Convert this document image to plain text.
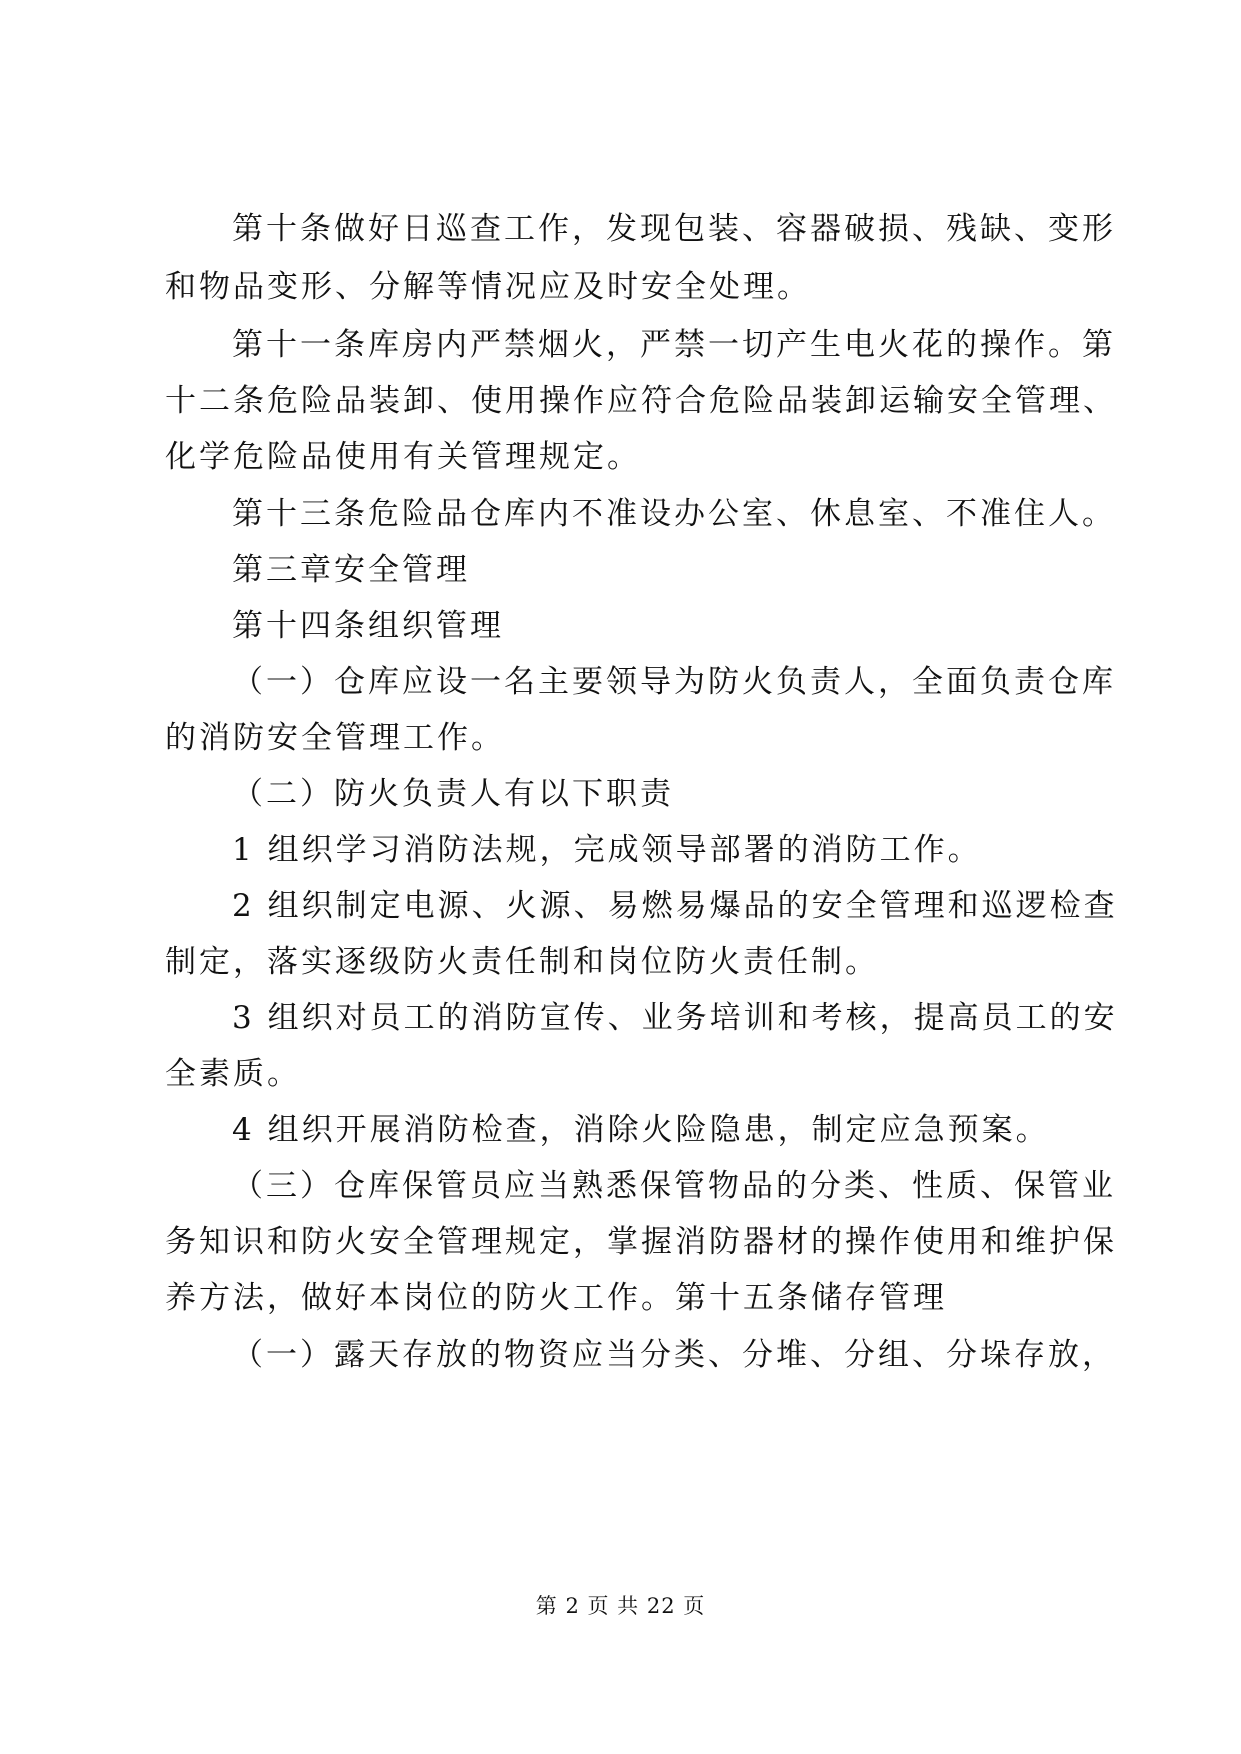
第十条做好日巡查工作，发现包装、容器破损、残缺、变形
和物品变形、分解等情况应及时安全处理。
第十一条库房内严禁烟火，严禁一切产生电火花的操作。第
十二条危险品装卸、使用操作应符合危险品装卸运输安全管理、
化学危险品使用有关管理规定。
第十三条危险品仓库内不准设办公室、休息室、不准住人。
第三章安全管理
第十四条组织管理
（一）仓库应设一名主要领导为防火负责人，全面负责仓库
的消防安全管理工作。
（二）防火负责人有以下职责
1 组织学习消防法规，完成领导部署的消防工作。
2 组织制定电源、火源、易燃易爆品的安全管理和巡逻检查
制定，落实逐级防火责任制和岗位防火责任制。
3 组织对员工的消防宣传、业务培训和考核，提高员工的安
全素质。
4 组织开展消防检查，消除火险隐患，制定应急预案。
（三）仓库保管员应当熟悉保管物品的分类、性质、保管业
务知识和防火安全管理规定，掌握消防器材的操作使用和维护保
养方法，做好本岗位的防火工作。第十五条储存管理
（一）露天存放的物资应当分类、分堆、分组、分垛存放，
第 2 页 共 22 页
